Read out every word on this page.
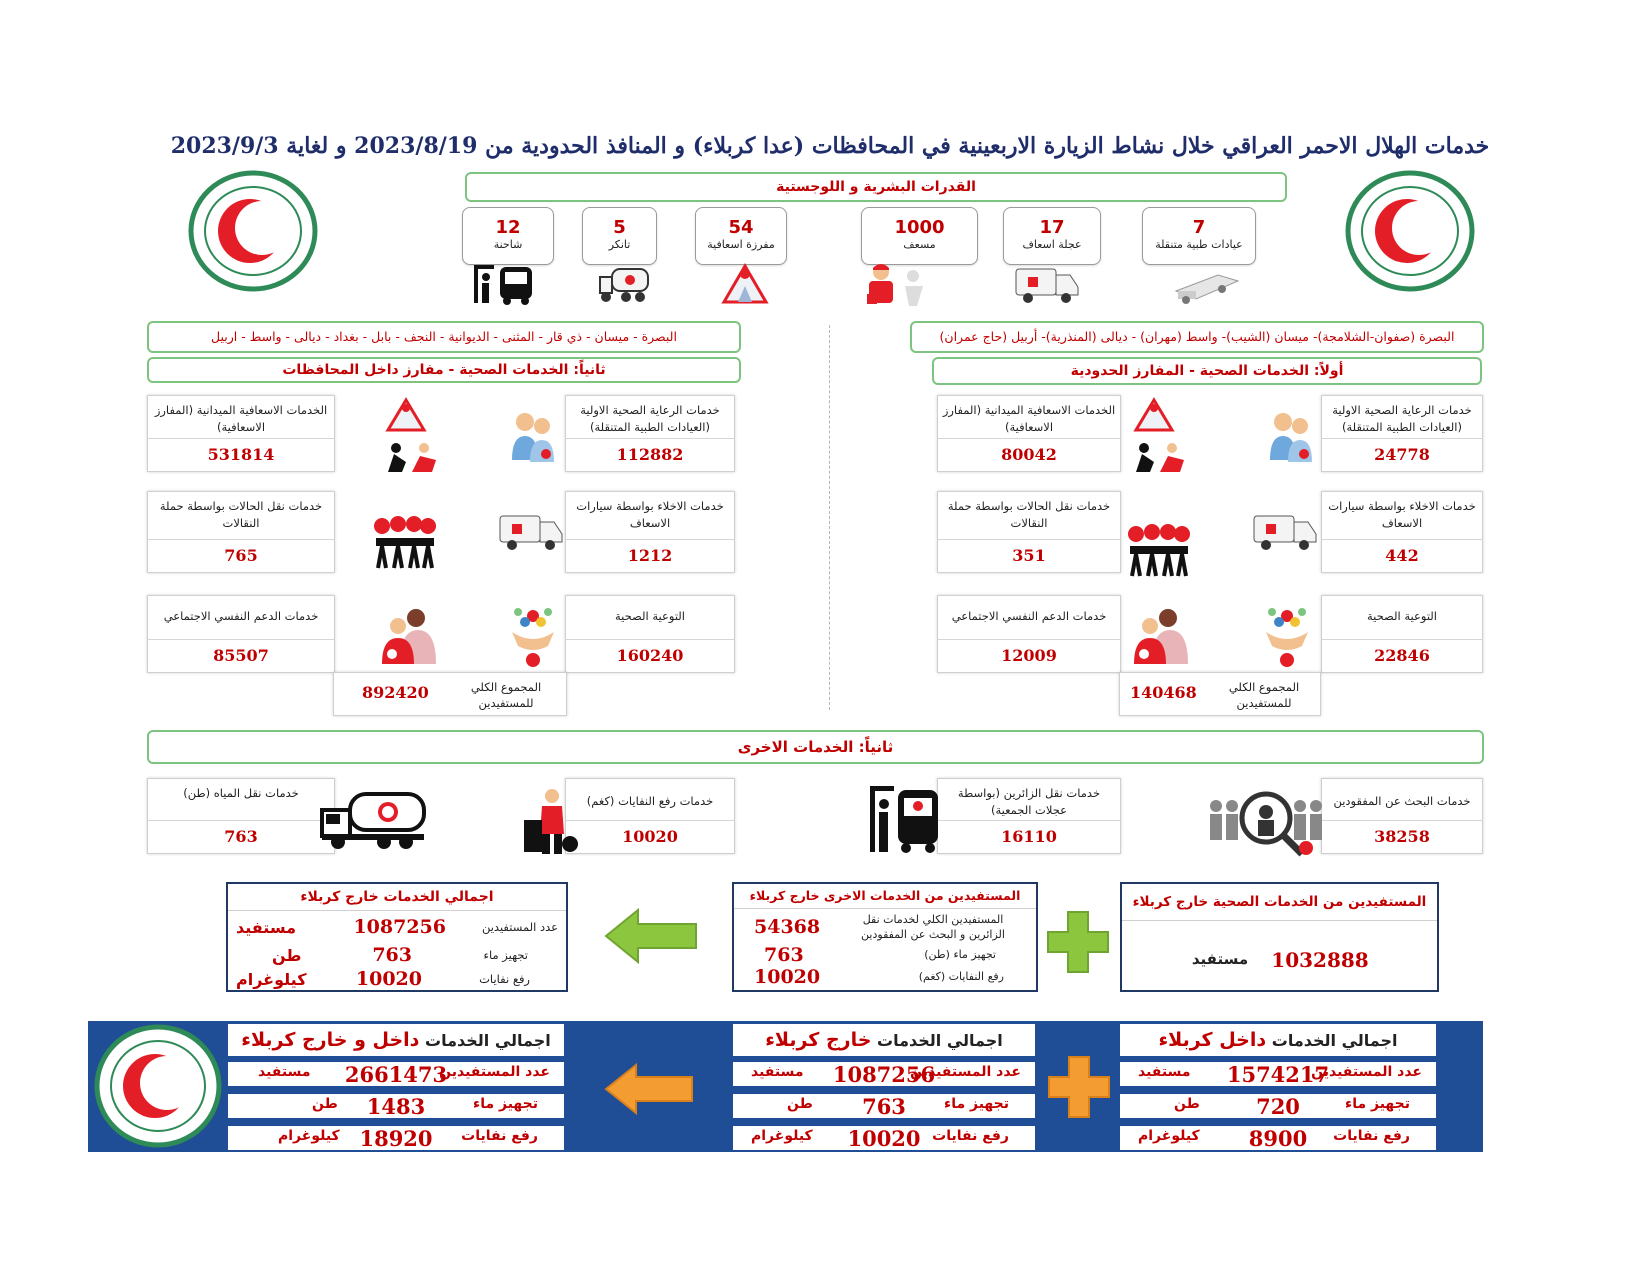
خدمات الهلال الاحمر العراقي خلال نشاط الزيارة الاربعينية في المحافظات (عدا كربلاء) و المنافذ الحدودية من 2023/8/19 و لغاية 2023/9/3
القدرات البشرية و اللوجستية
7
عيادات طبية متنقلة
17
عجلة اسعاف
1000
مسعف
54
مفرزة اسعافية
5
تانكر
12
شاحنة
البصرة (صفوان-الشلامجة)- ميسان (الشيب)- واسط (مهران) - ديالى (المنذرية)- أربيل (حاج عمران)
البصرة - ميسان - ذي قار - المثنى - الديوانية - النجف - بابل - بغداد - ديالى - واسط - اربيل
أولاً: الخدمات الصحية - المفارز الحدودية
ثانياً: الخدمات الصحية - مفارز داخل المحافظات
خدمات الرعاية الصحية الاولية (العيادات الطبية المتنقلة)
24778
الخدمات الاسعافية الميدانية (المفارز الاسعافية)
80042
خدمات الاخلاء بواسطة سيارات الاسعاف
442
خدمات نقل الحالات بواسطة حملة النقالات
351
التوعية الصحية
22846
خدمات الدعم النفسي الاجتماعي
12009
المجموع الكلي للمستفيدين
140468
خدمات الرعاية الصحية الاولية (العيادات الطبية المتنقلة)
112882
الخدمات الاسعافية الميدانية (المفارز الاسعافية)
531814
خدمات الاخلاء بواسطة سيارات الاسعاف
1212
خدمات نقل الحالات بواسطة حملة النقالات
765
التوعية الصحية
160240
خدمات الدعم النفسي الاجتماعي
85507
المجموع الكلي للمستفيدين
892420
ثانياً: الخدمات الاخرى
خدمات البحث عن المفقودين
38258
خدمات نقل الزائرين (بواسطة عجلات الجمعية)
16110
خدمات رفع النفايات (كغم)
10020
خدمات نقل المياه (طن)
763
المستفيدين من الخدمات الصحية خارج كربلاء
1032888
مستفيد
المستفيدين من الخدمات الاخرى خارج كربلاء
المستفيدين الكلي لخدمات نقل الزائرين و البحث عن المفقودين
54368
تجهيز ماء (طن)
763
رفع النفايات (كغم)
10020
اجمالي الخدمات خارج كربلاء
عدد المستفيدين
1087256
مستفيد
تجهيز ماء
763
طن
رفع نفايات
10020
كيلوغرام
اجمالي الخدمات داخل كربلاء
عدد المستفيدين
1574217
مستفيد
تجهيز ماء
720
طن
رفع نفايات
8900
كيلوغرام
اجمالي الخدمات خارج كربلاء
عدد المستفيدين
1087256
مستفيد
تجهيز ماء
763
طن
رفع نفايات
10020
كيلوغرام
اجمالي الخدمات داخل و خارج كربلاء
عدد المستفيدين
2661473
مستفيد
تجهيز ماء
1483
طن
رفع نفايات
18920
كيلوغرام
